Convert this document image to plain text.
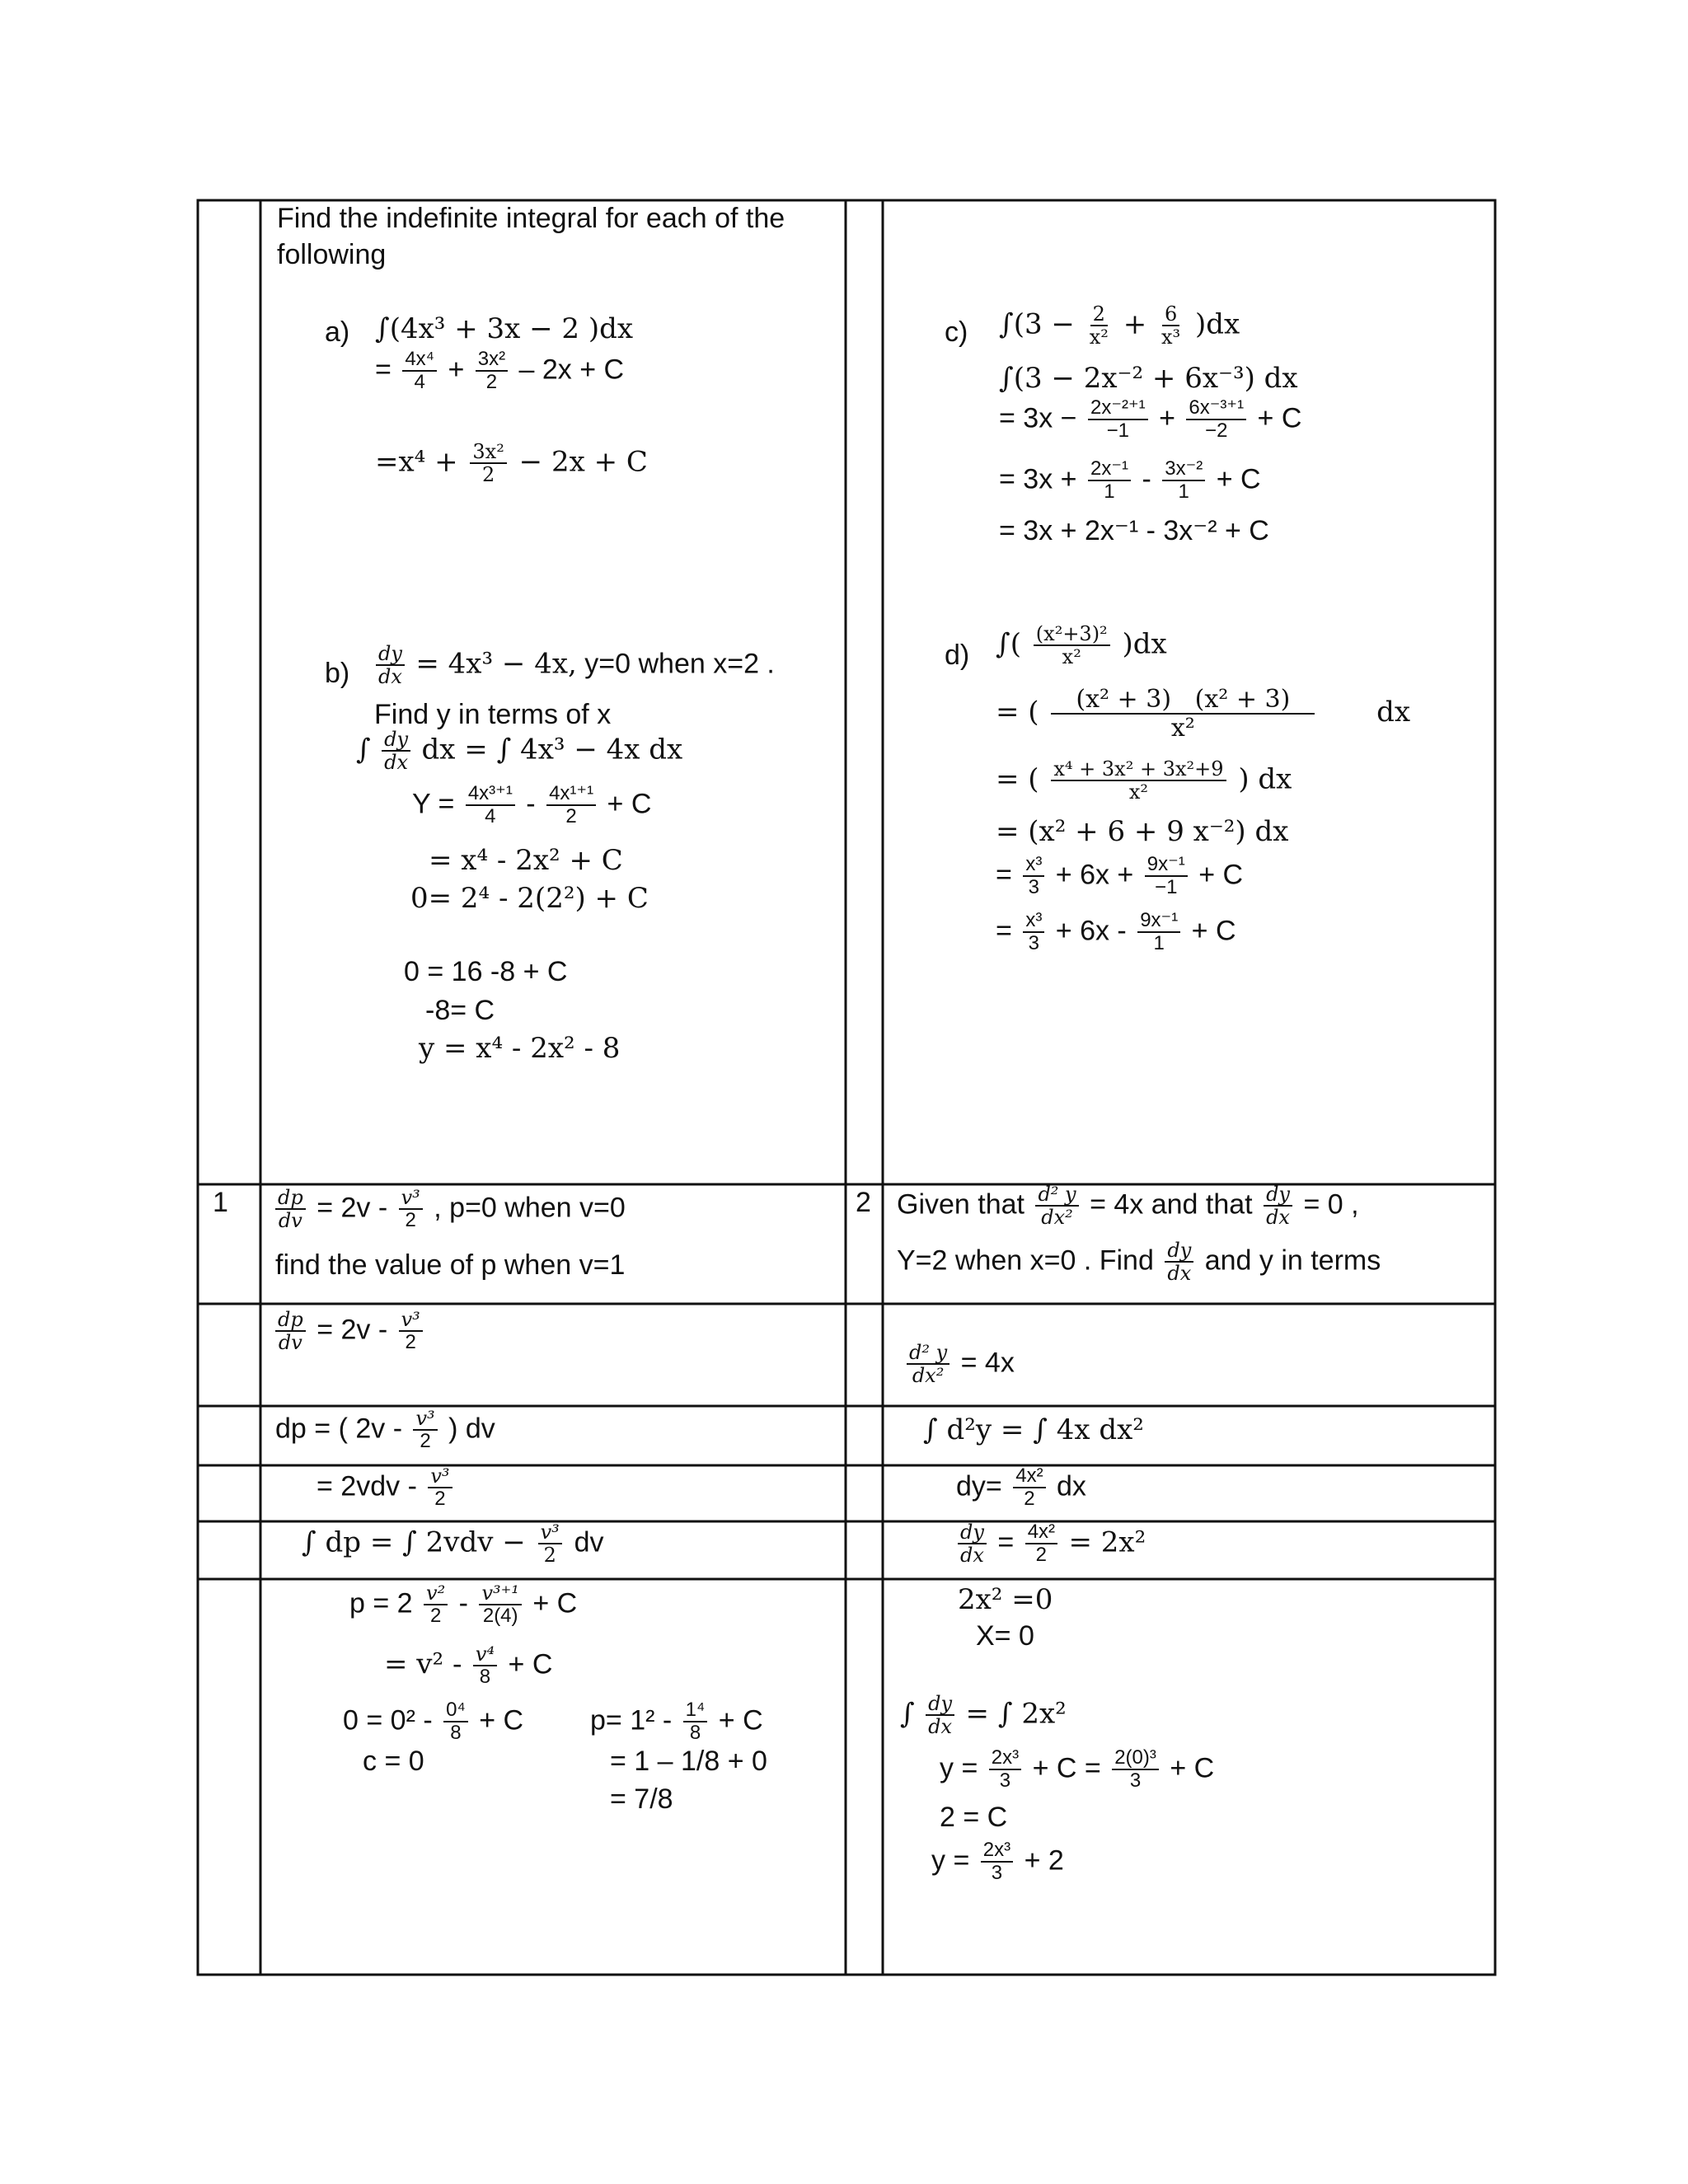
Find the indefinite integral for each of the
following
a) ∫(4x³ + 3x − 2 )dx
= $\frac{\text{4x⁴}}{4} + \frac{\text{3x²}}{2} - 2x + C$
$=x^4 + \frac{\text{3x²}}{2} - 2x + C$
$b) \frac{dy}{dx} = 4x^3 - 4x$, y=0 when x=2 .
Find y in terms of x
∫ $\frac{dy}{dx}$ dx = ∫ 4x³ − 4x dx
$Y = \frac{\text{4x³⁺¹}}{4} - \frac{\text{4x¹⁺¹}}{2} + C$
= x⁴ - 2x² + C
0= 2⁴ - 2(2²) + C
0 = 16 -8 + C
-8= C
y = x⁴ - 2x² - 8
c) $\int(3 - \frac{2}{\text{x²}} + \frac{6}{\text{x³}} )dx$
∫(3 − 2x⁻² + 6x⁻³) dx
= $3x - \frac{\text{2x⁻²⁺¹}}{-1} + \frac{\text{6x⁻³⁺¹}}{-2} + C$
= $3x + \frac{\text{2x⁻¹}}{1} - \frac{\text{3x⁻²}}{1} + C$
= 3x + 2x⁻¹ - 3x⁻² + C
d) ∫( $\frac{\text{(x²+3)²}}{\text{x²}} )dx$
= ( $\frac{\text{(x² + 3) (x² + 3)}}{\text{x²}}$ dx
= ( $\frac{\text{x⁴ + 3x² + 3x²+9}}{\text{x²}}$ ) dx
= (x² + 6 + 9 x⁻²) dx
= $\frac{\text{x³}}{3} + 6x + \frac{\text{9x⁻¹}}{-1} + C$
= $\frac{\text{x³}}{3} + 6x - \frac{\text{9x⁻¹}}{1} + C$
$1 \frac{dp}{dv} = 2v - \frac{\text{v³}}{2}$ , p=0 when v=0
find the value of p when v=1
$\frac{dp}{dv} = 2v - \frac{\text{v³}}{2}$
dp = ( $2v - \frac{\text{v³}}{2}$ ) dv
= $2vdv - \frac{\text{v³}}{2}$
∫ dp = ∫ $2vdv - \frac{\text{v³}}{2}$ dv
$p = 2 \frac{\text{v²}}{2} - \frac{\text{v³⁺¹}}{2(4)} + C$
= $v^2 - \frac{\text{v⁴}}{8} + C$
$0 = 0^2 - \frac{\text{0⁴}}{8} + C$
c = 0
$p= 1^2 - \frac{\text{1⁴}}{8} + C$
= 1 – 1/8 + 0
= 7/8
2 Given that $\frac{\text{d² y}}{\text{dx²}} = 4x$ and that $\frac{dy}{dx} = 0$ ,
Y=2 when x=0 . Find $\frac{dy}{dx}$ and y in terms
$\frac{\text{d² y}}{\text{dx²}} = 4x$
∫ d²y = ∫ 4x dx²
$dy= \frac{\text{4x²}}{2}$ dx
$\frac{dy}{dx} = \frac{\text{4x²}}{2} = 2x^2$
2x² =0
X= 0
∫ $\frac{dy}{dx}$ = ∫ 2x²
$y = \frac{\text{2x³}}{3} + C = \frac{\text{2(0)³}}{3} + C$
2 = C
$y = \frac{\text{2x³}}{3} + 2$
